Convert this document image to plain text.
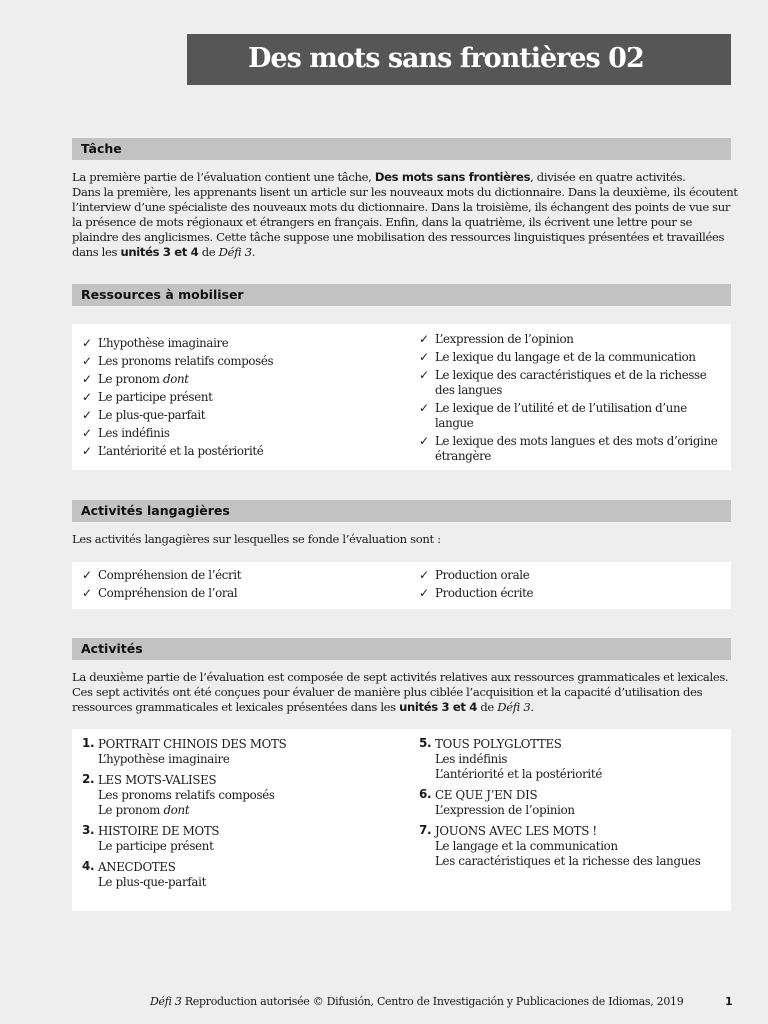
Des mots sans frontières 02
Tâche

La première partie de l’évaluation contient une tâche, Des mots sans frontières, divisée en quatre activités.

Dans la première, les apprenants lisent un article sur les nouveaux mots du dictionnaire. Dans la deuxième, ils écoutent l’interview d’une spécialiste des nouveaux mots du dictionnaire. Dans la troisième, ils échangent des points de vue sur la présence de mots régionaux et étrangers en français. Enfin, dans la quatrième, ils écrivent une lettre pour se plaindre des anglicismes. Cette tâche suppose une mobilisation des ressources linguistiques présentées et travaillées dans les unités 3 et 4 de Défi 3.

Ressources à mobiliser
✓ L’hypothèse imaginaire
✓ Les pronoms relatifs composés
✓ Le pronom dont
✓ Le participe présent
✓ Le plus-que-parfait
✓ Les indéfinis
✓ L’antériorité et la postériorité
✓ L’expression de l’opinion
✓ Le lexique du langage et de la communication
✓ Le lexique des caractéristiques et de la richesse des langues
✓ Le lexique de l’utilité et de l’utilisation d’une langue
✓ Le lexique des mots langues et des mots d’origine étrangère
Activités langagières

Les activités langagières sur lesquelles se fonde l’évaluation sont :

✓ Compréhension de l’écrit
✓ Compréhension de l’oral
✓ Production orale
✓ Production écrite
Activités

La deuxième partie de l’évaluation est composée de sept activités relatives aux ressources grammaticales et lexicales. Ces sept activités ont été conçues pour évaluer de manière plus ciblée l’acquisition et la capacité d’utilisation des ressources grammaticales et lexicales présentées dans les unités 3 et 4 de Défi 3.

1. PORTRAIT CHINOIS DES MOTS
L’hypothèse imaginaire
2. LES MOTS-VALISES
Les pronoms relatifs composés
Le pronom dont
3. HISTOIRE DE MOTS
Le participe présent
4. ANECDOTES
Le plus-que-parfait
5. TOUS POLYGLOTTES
Les indéfinis
L’antériorité et la postériorité
6. CE QUE J’EN DIS
L’expression de l’opinion
7. JOUONS AVEC LES MOTS !
Le langage et la communication
Les caractéristiques et la richesse des langues
Défi 3 Reproduction autorisée © Difusión, Centro de Investigación y Publicaciones de Idiomas, 2019	1
